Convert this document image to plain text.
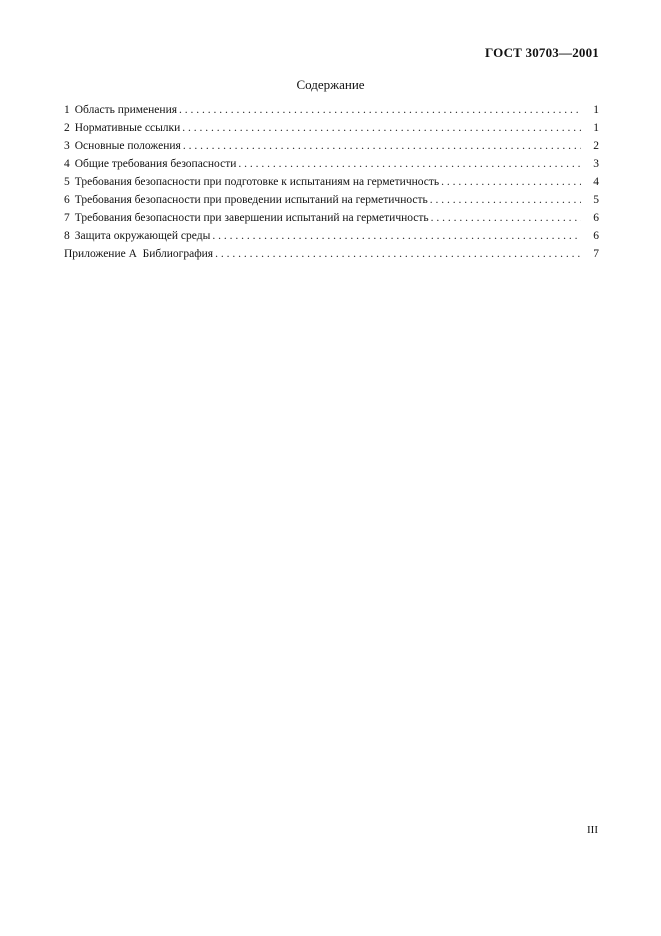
ГОСТ 30703—2001
Содержание
1 Область применения . . .	1
2 Нормативные ссылки . . .	1
3 Основные положения . . .	2
4 Общие требования безопасности . . .	3
5 Требования безопасности при подготовке к испытаниям на герметичность . . .	4
6 Требования безопасности при проведении испытаний на герметичность . . .	5
7 Требования безопасности при завершении испытаний на герметичность . . .	6
8 Защита окружающей среды . . .	6
Приложение А  Библиография . . .	7
III
